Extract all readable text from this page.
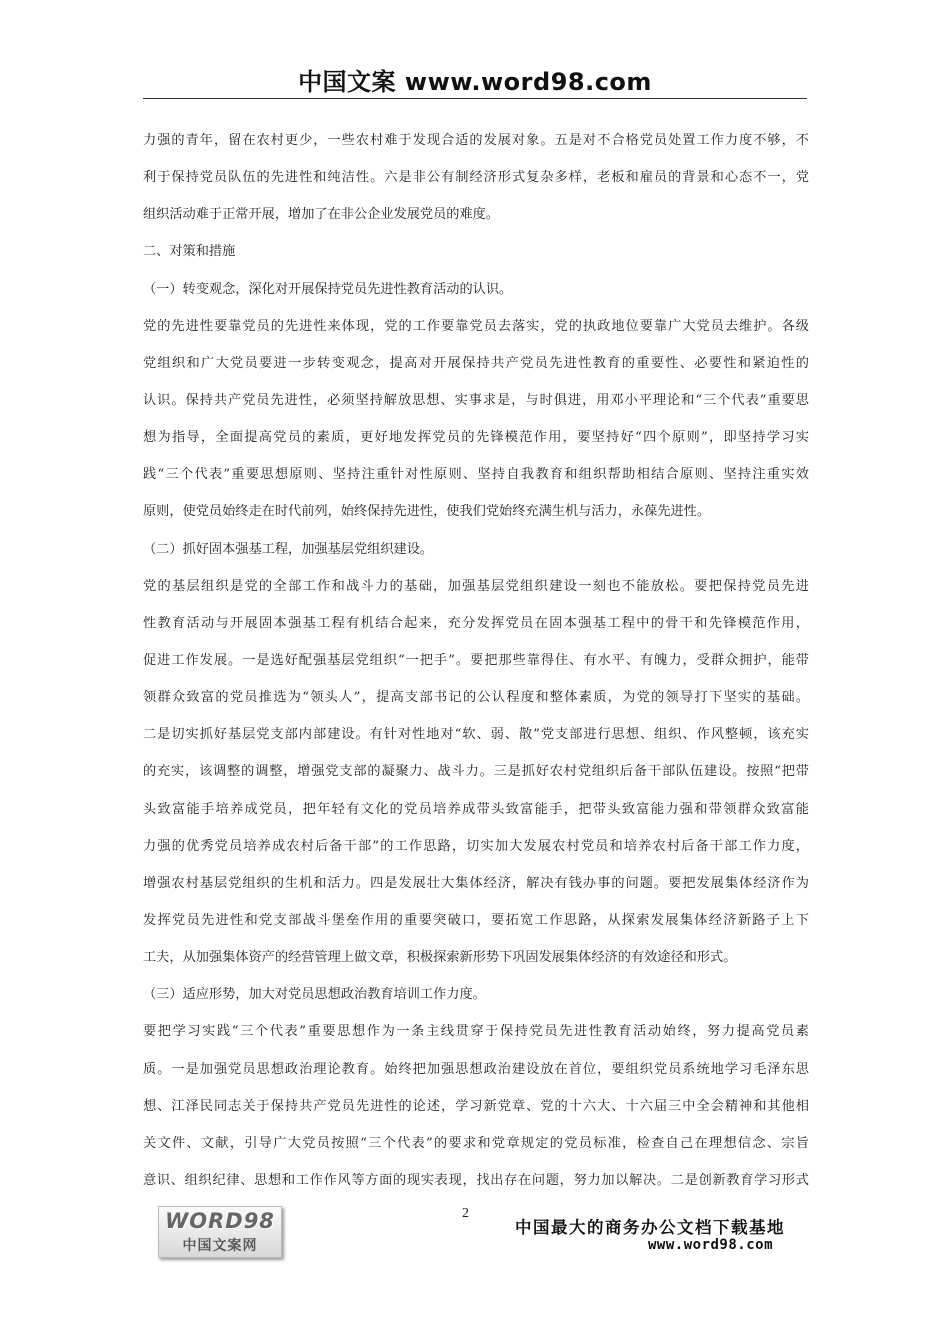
中国文案 www.word98.com
力强的青年，留在农村更少，一些农村难于发现合适的发展对象。五是对不合格党员处置工作力度不够，不
利于保持党员队伍的先进性和纯洁性。六是非公有制经济形式复杂多样，老板和雇员的背景和心态不一，党
组织活动难于正常开展，增加了在非公企业发展党员的难度。
二、对策和措施
（一）转变观念，深化对开展保持党员先进性教育活动的认识。
党的先进性要靠党员的先进性来体现，党的工作要靠党员去落实，党的执政地位要靠广大党员去维护。各级
党组织和广大党员要进一步转变观念，提高对开展保持共产党员先进性教育的重要性、必要性和紧迫性的
认识。保持共产党员先进性，必须坚持解放思想、实事求是，与时俱进，用邓小平理论和“三个代表”重要思
想为指导，全面提高党员的素质，更好地发挥党员的先锋模范作用，要坚持好“四个原则”，即坚持学习实
践“三个代表”重要思想原则、坚持注重针对性原则、坚持自我教育和组织帮助相结合原则、坚持注重实效
原则，使党员始终走在时代前列，始终保持先进性，使我们党始终充满生机与活力，永葆先进性。
（二）抓好固本强基工程，加强基层党组织建设。
党的基层组织是党的全部工作和战斗力的基础，加强基层党组织建设一刻也不能放松。要把保持党员先进
性教育活动与开展固本强基工程有机结合起来，充分发挥党员在固本强基工程中的骨干和先锋模范作用，
促进工作发展。一是选好配强基层党组织“一把手”。要把那些靠得住、有水平、有魄力，受群众拥护，能带
领群众致富的党员推选为“领头人”，提高支部书记的公认程度和整体素质，为党的领导打下坚实的基础。
二是切实抓好基层党支部内部建设。有针对性地对“软、弱、散”党支部进行思想、组织、作风整顿，该充实
的充实，该调整的调整，增强党支部的凝聚力、战斗力。三是抓好农村党组织后备干部队伍建设。按照“把带
头致富能手培养成党员，把年轻有文化的党员培养成带头致富能手，把带头致富能力强和带领群众致富能
力强的优秀党员培养成农村后备干部”的工作思路，切实加大发展农村党员和培养农村后备干部工作力度，
增强农村基层党组织的生机和活力。四是发展壮大集体经济，解决有钱办事的问题。要把发展集体经济作为
发挥党员先进性和党支部战斗堡垒作用的重要突破口，要拓宽工作思路，从探索发展集体经济新路子上下
工夫，从加强集体资产的经营管理上做文章，积极探索新形势下巩固发展集体经济的有效途径和形式。
（三）适应形势，加大对党员思想政治教育培训工作力度。
要把学习实践“三个代表”重要思想作为一条主线贯穿于保持党员先进性教育活动始终，努力提高党员素
质。一是加强党员思想政治理论教育。始终把加强思想政治建设放在首位，要组织党员系统地学习毛泽东思
想、江泽民同志关于保持共产党员先进性的论述，学习新党章、党的十六大、十六届三中全会精神和其他相
关文件、文献，引导广大党员按照“三个代表”的要求和党章规定的党员标准，检查自己在理想信念、宗旨
意识、组织纪律、思想和工作作风等方面的现实表现，找出存在问题，努力加以解决。二是创新教育学习形式
2
WORD98
中国文案网
中国最大的商务办公文档下载基地
www.word98.com
